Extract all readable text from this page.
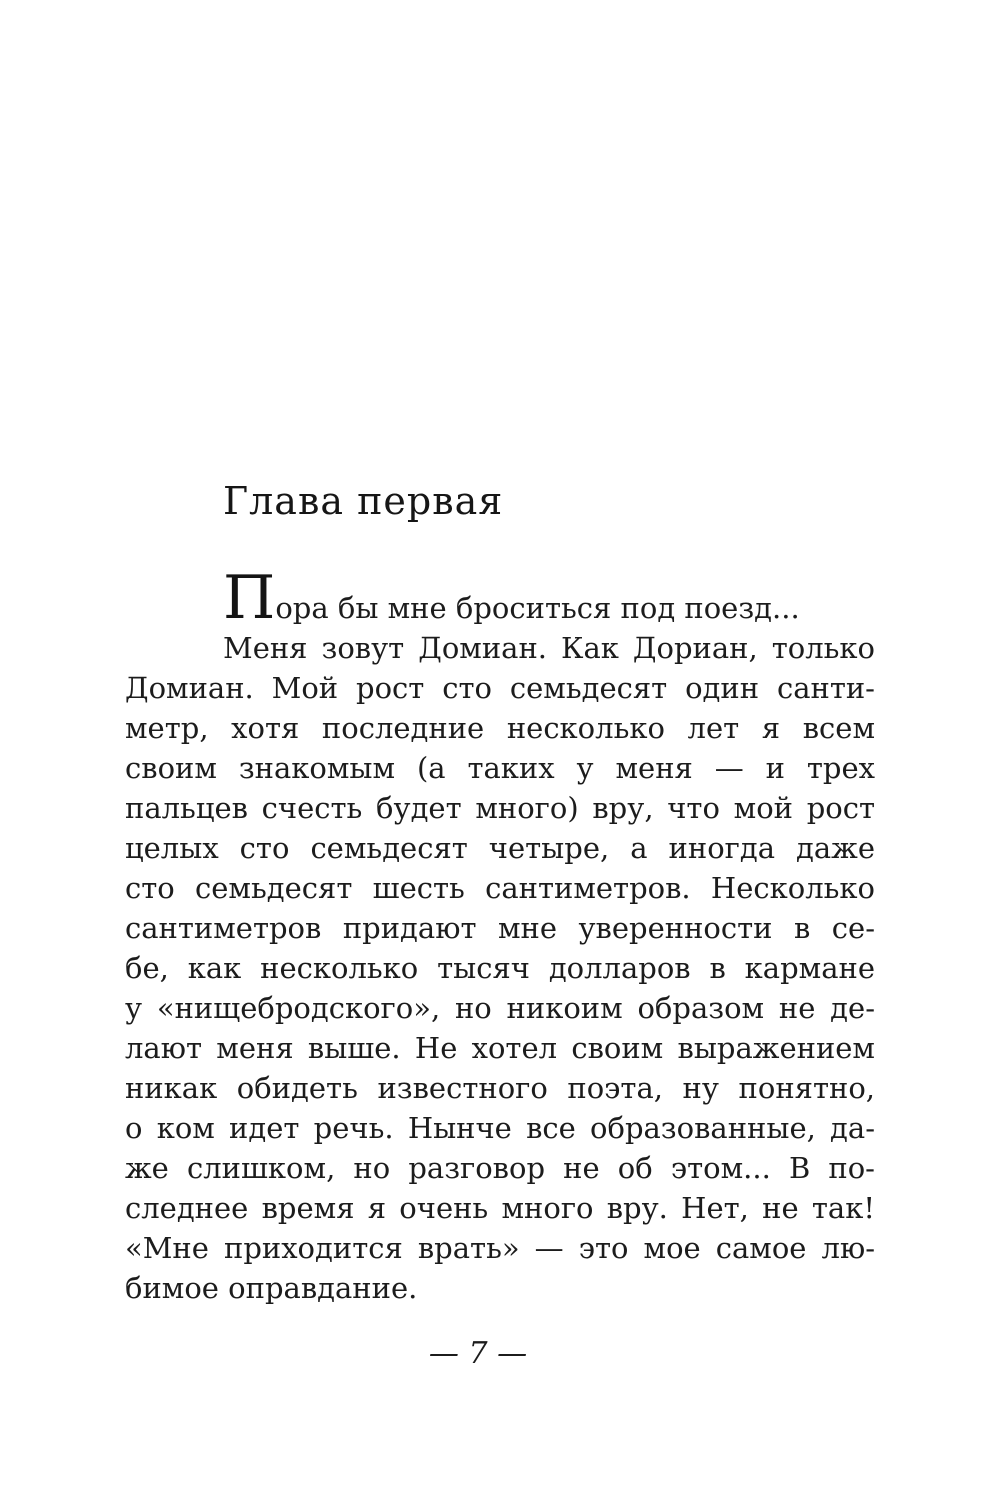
Глава первая
Пора бы мне броситься под поезд...
Меня зовут Домиан. Как Дориан, только
Домиан. Мой рост сто семьдесят один санти-
метр, хотя последние несколько лет я всем
своим знакомым (а таких у меня — и трех
пальцев счесть будет много) вру, что мой рост
целых сто семьдесят четыре, а иногда даже
сто семьдесят шесть сантиметров. Несколько
сантиметров придают мне уверенности в се-
бе, как несколько тысяч долларов в кармане
у «нищебродского», но никоим образом не де-
лают меня выше. Не хотел своим выражением
никак обидеть известного поэта, ну понятно,
о ком идет речь. Нынче все образованные, да-
же слишком, но разговор не об этом... В по-
следнее время я очень много вру. Нет, не так!
«Мне приходится врать» — это мое самое лю-
бимое оправдание.
— 7 —
